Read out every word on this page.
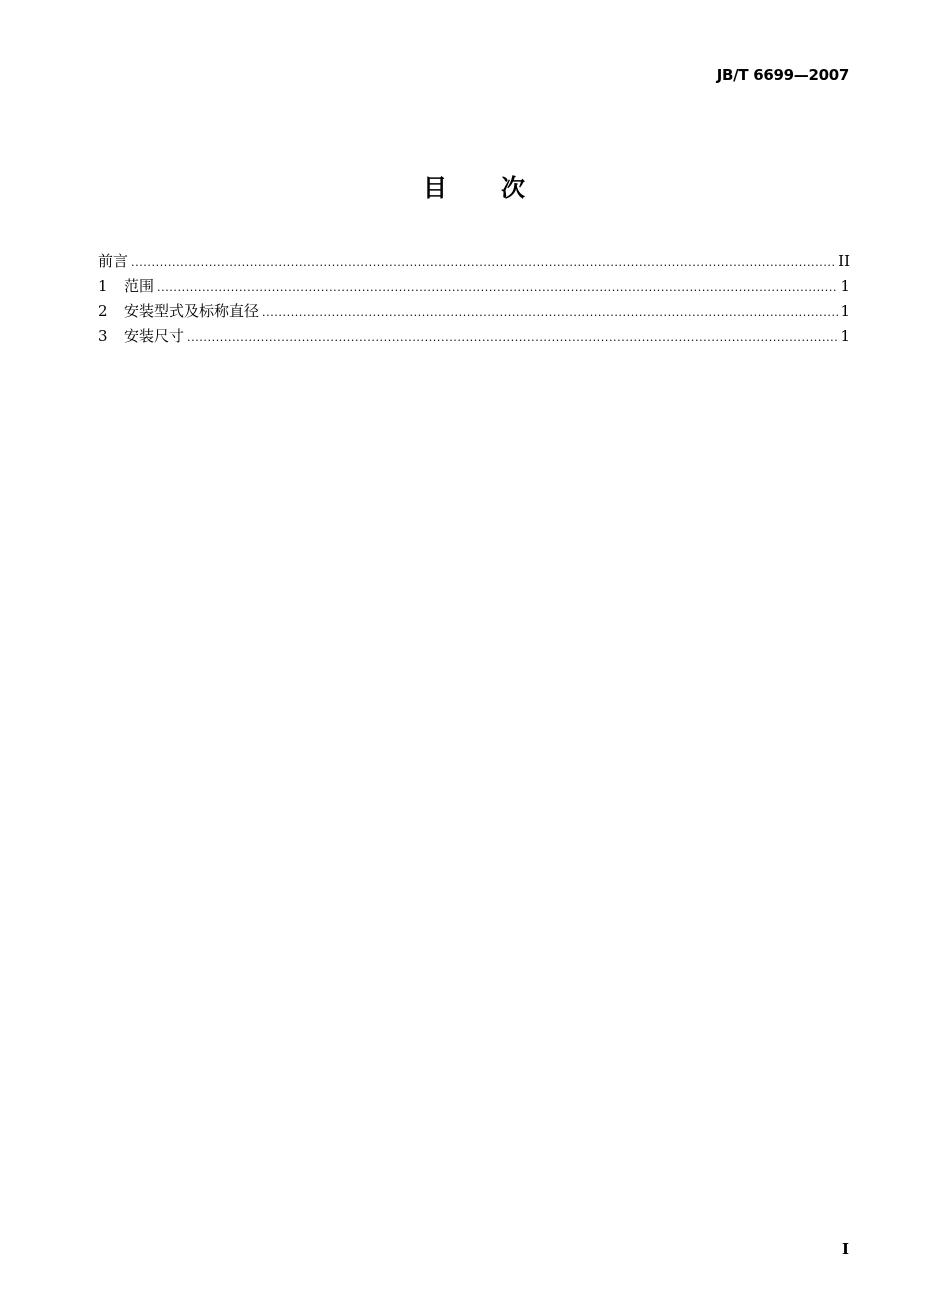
JB/T 6699—2007
目 次
前言 .....	II
1	范围 .....	1
2	安装型式及标称直径 .....	1
3	安装尺寸 .....	1
I
